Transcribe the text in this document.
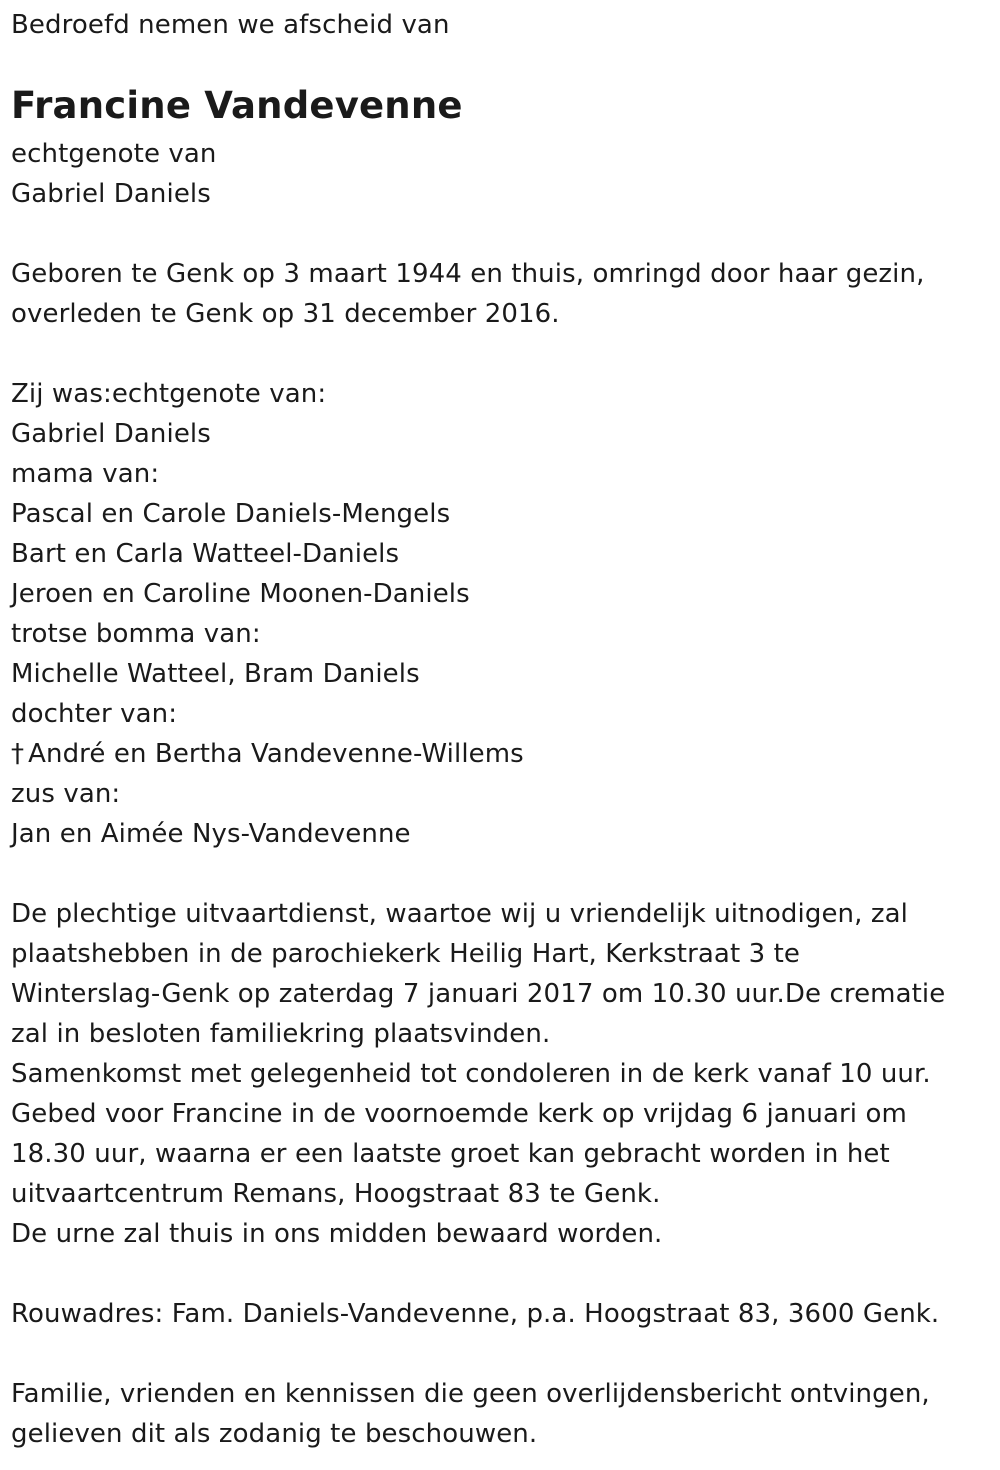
Bedroefd nemen we afscheid van
Francine Vandevenne
echtgenote van
Gabriel Daniels
Geboren te Genk op 3 maart 1944 en thuis, omringd door haar gezin,
overleden te Genk op 31 december 2016.
Zij was:echtgenote van:
Gabriel Daniels
mama van:
Pascal en Carole Daniels-Mengels
Bart en Carla Watteel-Daniels
Jeroen en Caroline Moonen-Daniels
trotse bomma van:
Michelle Watteel, Bram Daniels
dochter van:
† André en Bertha Vandevenne-Willems
zus van:
Jan en Aimée Nys-Vandevenne
De plechtige uitvaartdienst, waartoe wij u vriendelijk uitnodigen, zal
plaatshebben in de parochiekerk Heilig Hart, Kerkstraat 3 te
Winterslag-Genk op zaterdag 7 januari 2017 om 10.30 uur.De crematie
zal in besloten familiekring plaatsvinden.
Samenkomst met gelegenheid tot condoleren in de kerk vanaf 10 uur.
Gebed voor Francine in de voornoemde kerk op vrijdag 6 januari om
18.30 uur, waarna er een laatste groet kan gebracht worden in het
uitvaartcentrum Remans, Hoogstraat 83 te Genk.
De urne zal thuis in ons midden bewaard worden.
Rouwadres: Fam. Daniels-Vandevenne, p.a. Hoogstraat 83, 3600 Genk.
Familie, vrienden en kennissen die geen overlijdensbericht ontvingen,
gelieven dit als zodanig te beschouwen.
